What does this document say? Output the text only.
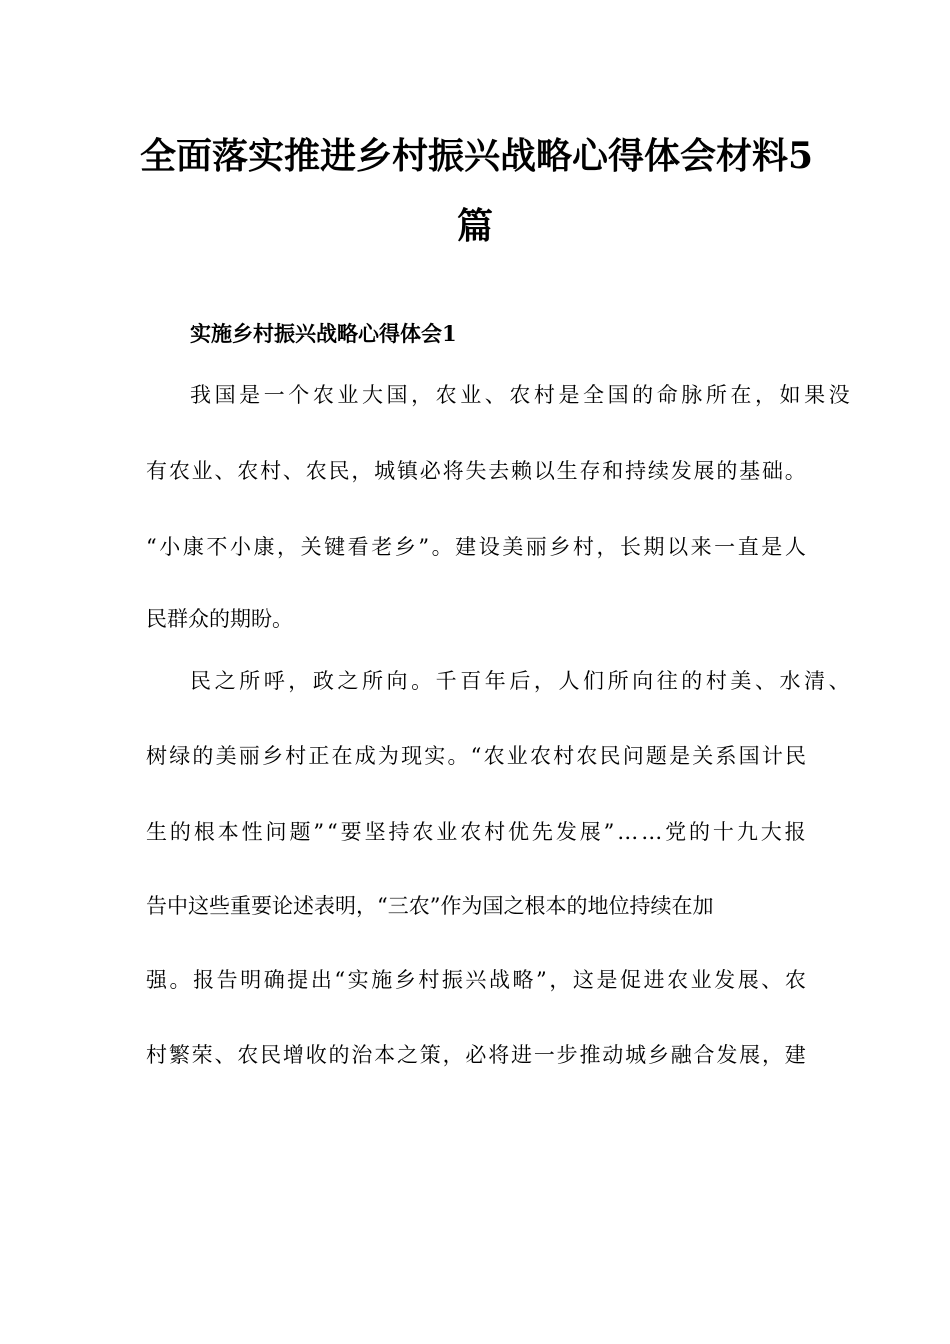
全面落实推进乡村振兴战略心得体会材料5
篇

实施乡村振兴战略心得体会1

我 国 是 一 个 农 业 大 国 ， 农 业 、 农 村 是 全 国 的 命 脉 所 在 ， 如 果 没

有 农 业 、 农 村 、 农 民 ， 城 镇 必 将 失 去 赖 以 生 存 和 持 续 发 展 的 基 础 。

“ 小 康 不 小 康 ， 关 键 看 老 乡 ” 。 建 设 美 丽 乡 村 ， 长 期 以 来 一 直 是 人

民群众的期盼。

民 之 所 呼 ， 政 之 所 向 。 千 百 年 后 ， 人 们 所 向 往 的 村 美 、 水 清 、

树 绿 的 美 丽 乡 村 正 在 成 为 现 实 。 “ 农 业 农 村 农 民 问 题 是 关 系 国 计 民

生 的 根 本 性 问 题 ” “ 要 坚 持 农 业 农 村 优 先 发 展 ” … … 党 的 十 九 大 报

告中这些重要论述表明，“三农”作为国之根本的地位持续在加

强 。 报 告 明 确 提 出 “ 实 施 乡 村 振 兴 战 略 ” ， 这 是 促 进 农 业 发 展 、 农

村 繁 荣 、 农 民 增 收 的 治 本 之 策 ， 必 将 进 一 步 推 动 城 乡 融 合 发 展 ， 建
